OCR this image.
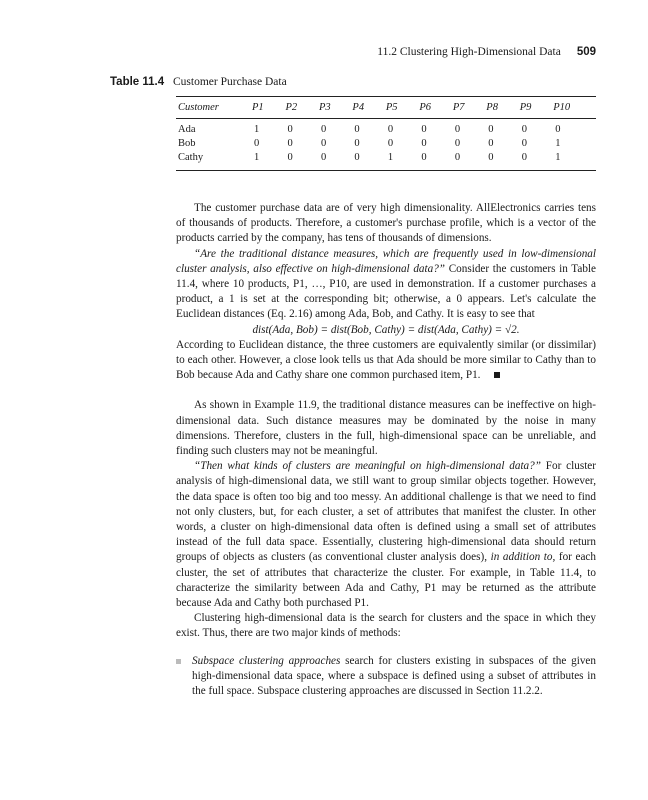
11.2 Clustering High-Dimensional Data 509
Table 11.4 Customer Purchase Data
Customer	P1	P2	P3	P4	P5	P6	P7	P8	P9	P10
Ada	1	0	0	0	0	0	0	0	0	0
Bob	0	0	0	0	0	0	0	0	0	1
Cathy	1	0	0	0	1	0	0	0	0	1

The customer purchase data are of very high dimensionality. AllElectronics carries tens of thousands of products. Therefore, a customer's purchase profile, which is a vector of the products carried by the company, has tens of thousands of dimensions.

“Are the traditional distance measures, which are frequently used in low-dimensional cluster analysis, also effective on high-dimensional data?” Consider the customers in Table 11.4, where 10 products, P1, …, P10, are used in demonstration. If a customer purchases a product, a 1 is set at the corresponding bit; otherwise, a 0 appears. Let's calculate the Euclidean distances (Eq. 2.16) among Ada, Bob, and Cathy. It is easy to see that

dist(Ada, Bob) = dist(Bob, Cathy) = dist(Ada, Cathy) = √2.

According to Euclidean distance, the three customers are equivalently similar (or dissimilar) to each other. However, a close look tells us that Ada should be more similar to Cathy than to Bob because Ada and Cathy share one common purchased item, P1.

As shown in Example 11.9, the traditional distance measures can be ineffective on high-dimensional data. Such distance measures may be dominated by the noise in many dimensions. Therefore, clusters in the full, high-dimensional space can be unreliable, and finding such clusters may not be meaningful.

“Then what kinds of clusters are meaningful on high-dimensional data?” For cluster analysis of high-dimensional data, we still want to group similar objects together. However, the data space is often too big and too messy. An additional challenge is that we need to find not only clusters, but, for each cluster, a set of attributes that manifest the cluster. In other words, a cluster on high-dimensional data often is defined using a small set of attributes instead of the full data space. Essentially, clustering high-dimensional data should return groups of objects as clusters (as conventional cluster analysis does), in addition to, for each cluster, the set of attributes that characterize the cluster. For example, in Table 11.4, to characterize the similarity between Ada and Cathy, P1 may be returned as the attribute because Ada and Cathy both purchased P1.

Clustering high-dimensional data is the search for clusters and the space in which they exist. Thus, there are two major kinds of methods:

Subspace clustering approaches search for clusters existing in subspaces of the given high-dimensional data space, where a subspace is defined using a subset of attributes in the full space. Subspace clustering approaches are discussed in Section 11.2.2.
